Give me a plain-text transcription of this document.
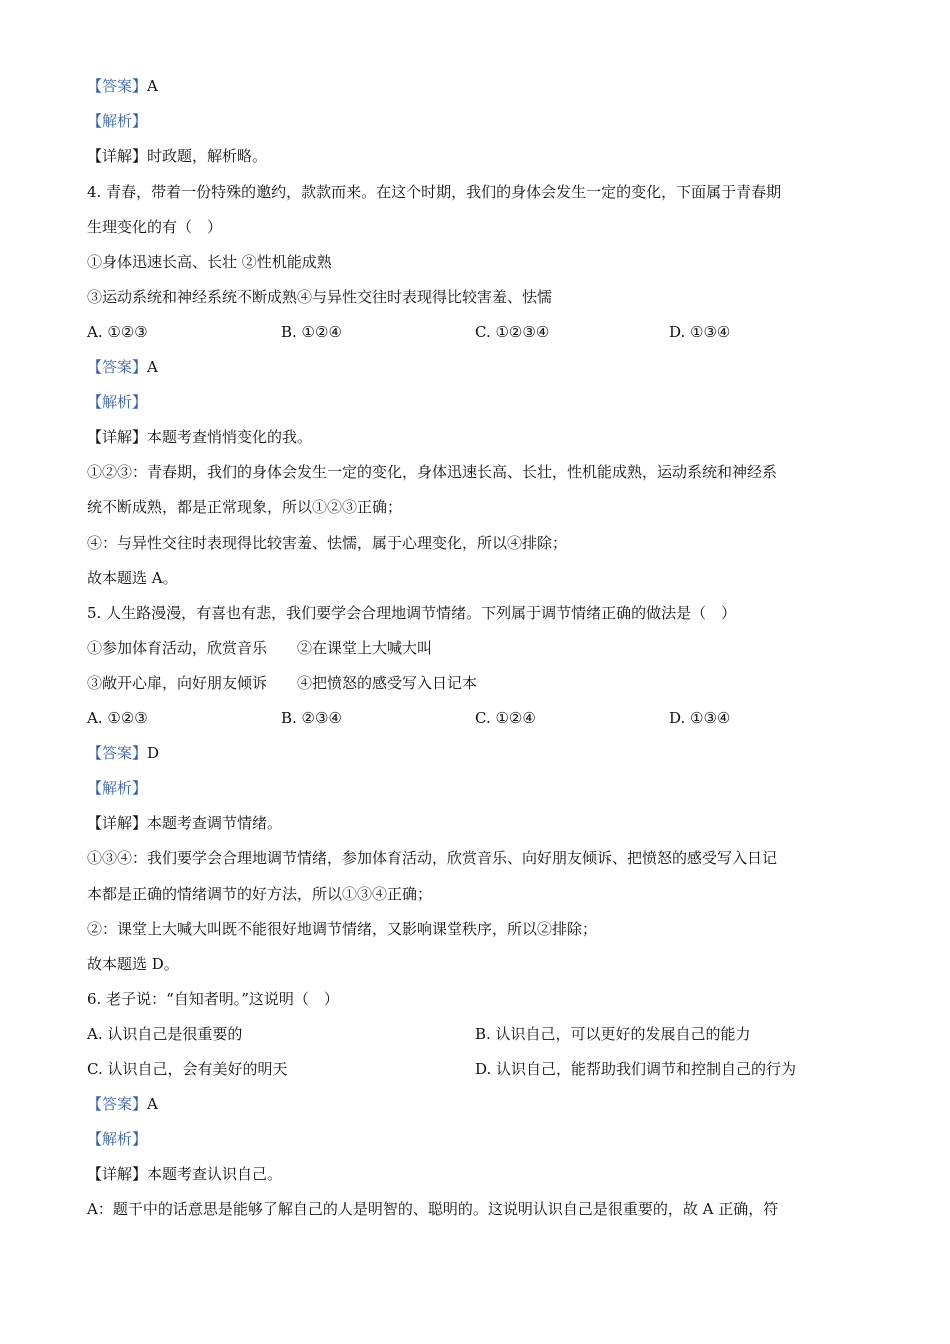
【答案】A
【解析】
【详解】时政题，解析略。
4. 青春，带着一份特殊的邀约，款款而来。在这个时期，我们的身体会发生一定的变化，下面属于青春期
生理变化的有（　）
①身体迅速长高、长壮 ②性机能成熟
③运动系统和神经系统不断成熟④与异性交往时表现得比较害羞、怯懦
A. ①②③	B. ①②④	C. ①②③④	D. ①③④
【答案】A
【解析】
【详解】本题考查悄悄变化的我。
①②③：青春期，我们的身体会发生一定的变化，身体迅速长高、长壮，性机能成熟，运动系统和神经系
统不断成熟，都是正常现象，所以①②③正确；
④：与异性交往时表现得比较害羞、怯懦，属于心理变化，所以④排除；
故本题选 A。
5. 人生路漫漫，有喜也有悲，我们要学会合理地调节情绪。下列属于调节情绪正确的做法是（　）
①参加体育活动，欣赏音乐　　②在课堂上大喊大叫
③敞开心扉，向好朋友倾诉　　④把愤怒的感受写入日记本
A. ①②③	B. ②③④	C. ①②④	D. ①③④
【答案】D
【解析】
【详解】本题考查调节情绪。
①③④：我们要学会合理地调节情绪，参加体育活动，欣赏音乐、向好朋友倾诉、把愤怒的感受写入日记
本都是正确的情绪调节的好方法，所以①③④正确；
②：课堂上大喊大叫既不能很好地调节情绪，又影响课堂秩序，所以②排除；
故本题选 D。
6. 老子说：“自知者明。”这说明（　）
A. 认识自己是很重要的	B. 认识自己，可以更好的发展自己的能力
C. 认识自己，会有美好的明天	D. 认识自己，能帮助我们调节和控制自己的行为
【答案】A
【解析】
【详解】本题考查认识自己。
A：题干中的话意思是能够了解自己的人是明智的、聪明的。这说明认识自己是很重要的，故 A 正确，符
